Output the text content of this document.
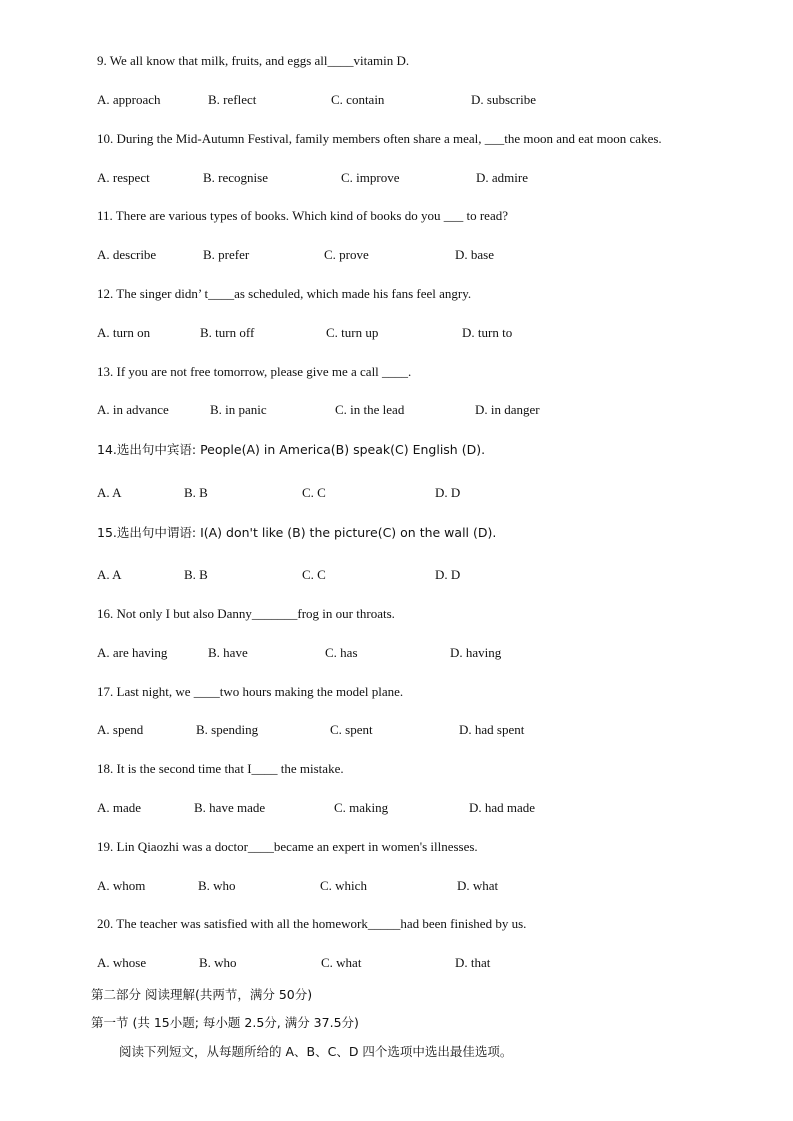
9. We all know that milk, fruits, and eggs all____vitamin D.
A. approach	B. reflect	C. contain	D. subscribe
10. During the Mid-Autumn Festival, family members often share a meal, ___the moon and eat moon cakes.
A. respect	B. recognise	C. improve	D. admire
11. There are various types of books. Which kind of books do you ___ to read?
A. describe	B. prefer	C. prove	D. base
12. The singer didn’ t____as scheduled, which made his fans feel angry.
A. turn on	B. turn off	C. turn up	D. turn to
13. If you are not free tomorrow, please give me a call ____.
A. in advance	B. in panic	C. in the lead	D. in danger
14.选出句中宾语: People(A) in America(B) speak(C) English (D).
A. A	B. B	C. C	D. D
15.选出句中谓语: I(A) don't like (B) the picture(C) on the wall (D).
A. A	B. B	C. C	D. D
16. Not only I but also Danny_______frog in our throats.
A. are having	B. have	C. has	D. having
17. Last night, we ____two hours making the model plane.
A. spend	B. spending	C. spent	D. had spent
18. It is the second time that I____ the mistake.
A. made	B. have made	C. making	D. had made
19. Lin Qiaozhi was a doctor____became an expert in women's illnesses.
A. whom	B. who	C. which	D. what
20. The teacher was satisfied with all the homework_____had been finished by us.
A. whose	B. who	C. what	D. that
第二部分 阅读理解(共两节，满分 50分)
第一节 (共 15小题; 每小题 2.5分, 满分 37.5分)
阅读下列短文，从每题所给的 A、B、C、D 四个选项中选出最佳选项。
